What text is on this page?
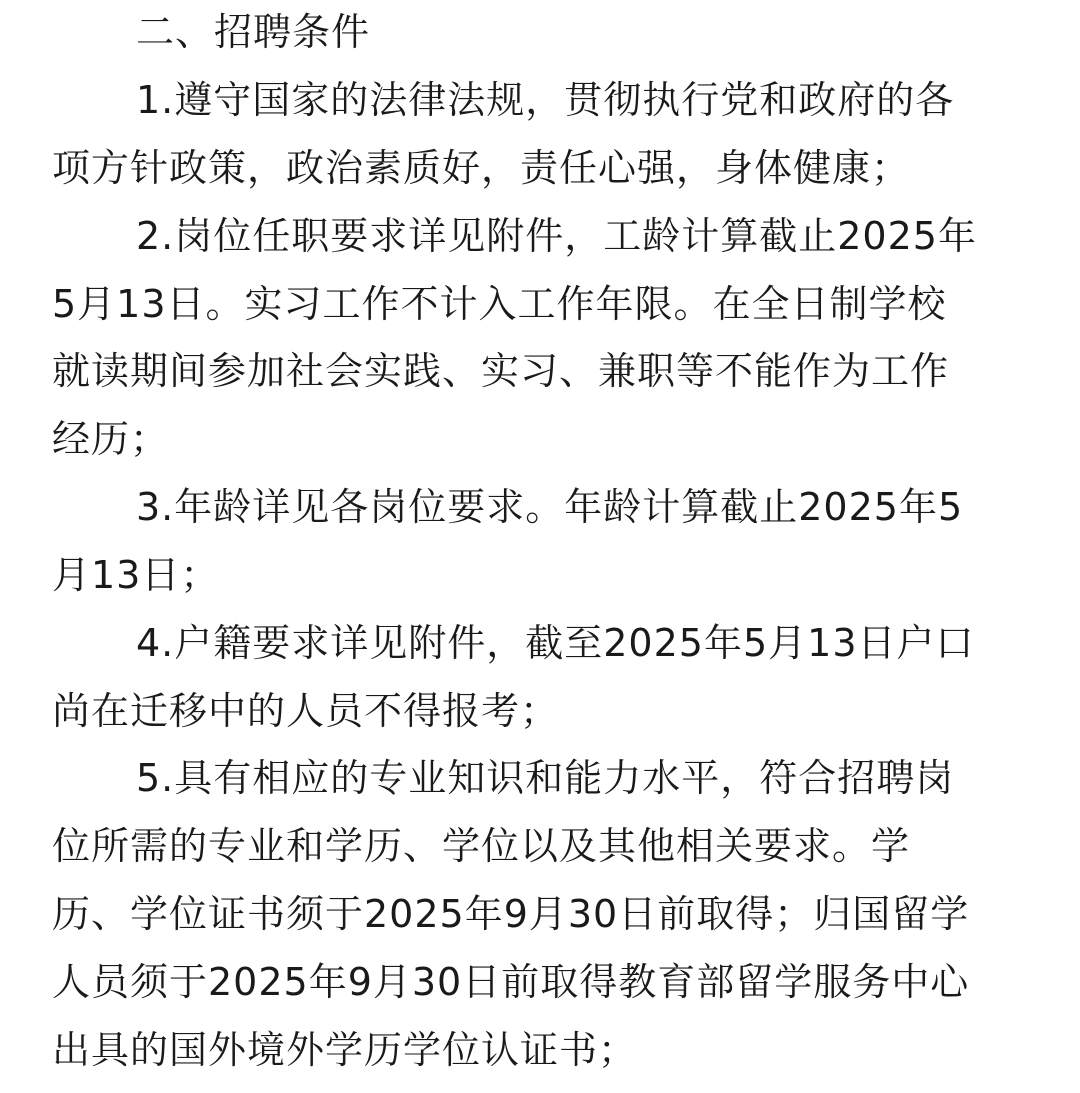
二、招聘条件
1.遵守国家的法律法规，贯彻执行党和政府的各
项方针政策，政治素质好，责任心强，身体健康；
2.岗位任职要求详见附件，工龄计算截止2025年
5月13日。实习工作不计入工作年限。在全日制学校
就读期间参加社会实践、实习、兼职等不能作为工作
经历；
3.年龄详见各岗位要求。年龄计算截止2025年5
月13日；
4.户籍要求详见附件，截至2025年5月13日户口
尚在迁移中的人员不得报考；
5.具有相应的专业知识和能力水平，符合招聘岗
位所需的专业和学历、学位以及其他相关要求。学
历、学位证书须于2025年9月30日前取得；归国留学
人员须于2025年9月30日前取得教育部留学服务中心
出具的国外境外学历学位认证书；
